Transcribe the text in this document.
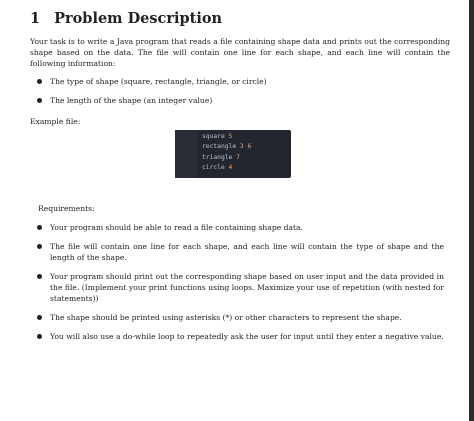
1 Problem Description
Your task is to write a Java program that reads a file containing shape data and prints out the corresponding shape based on the data. The file will contain one line for each shape, and each line will contain the following information:
The type of shape (square, rectangle, triangle, or circle)
The length of the shape (an integer value)
Example file:
square 5
rectangle 3 6
triangle 7
circle 4
Requirements:
Your program should be able to read a file containing shape data.
The file will contain one line for each shape, and each line will contain the type of shape and the length of the shape.
Your program should print out the corresponding shape based on user input and the data provided in the file. (Implement your print functions using loops. Maximize your use of repetition (with nested for statements))
The shape should be printed using asterisks (*) or other characters to represent the shape.
You will also use a do-while loop to repeatedly ask the user for input until they enter a negative value.
